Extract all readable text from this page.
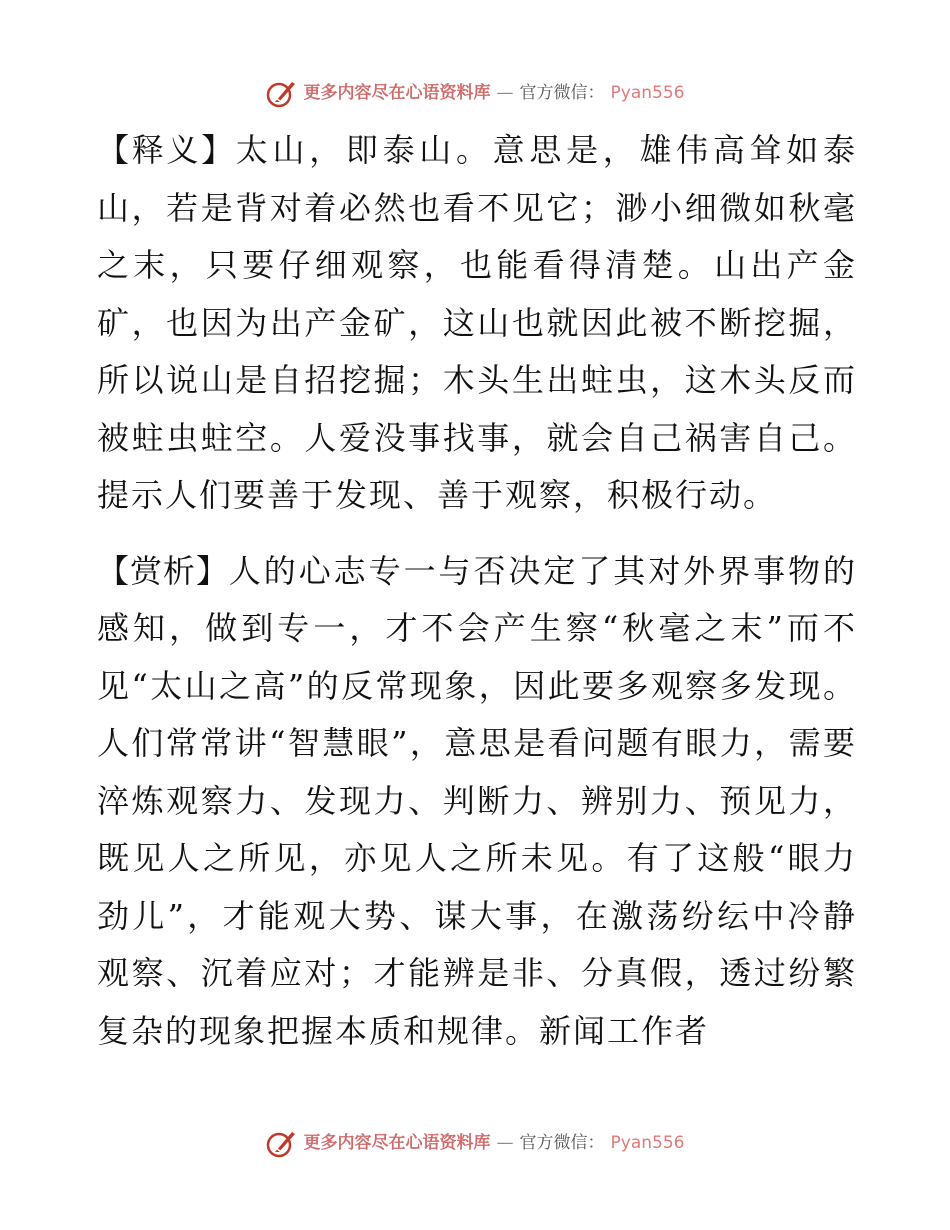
更多内容尽在心语资料库 — 官方微信： Pyan556

【释义】太山，即泰山。意思是，雄伟高耸如泰山，若是背对着必然也看不见它；渺小细微如秋毫之末，只要仔细观察，也能看得清楚。山出产金矿，也因为出产金矿，这山也就因此被不断挖掘，所以说山是自招挖掘；木头生出蛀虫，这木头反而被蛀虫蛀空。人爱没事找事，就会自己祸害自己。提示人们要善于发现、善于观察，积极行动。

【赏析】人的心志专一与否决定了其对外界事物的感知，做到专一，才不会产生察“秋毫之末”而不见“太山之高”的反常现象，因此要多观察多发现。人们常常讲“智慧眼”，意思是看问题有眼力，需要淬炼观察力、发现力、判断力、辨别力、预见力，既见人之所见，亦见人之所未见。有了这般“眼力劲儿”，才能观大势、谋大事，在激荡纷纭中冷静观察、沉着应对；才能辨是非、分真假，透过纷繁复杂的现象把握本质和规律。新闻工作者

更多内容尽在心语资料库 — 官方微信： Pyan556
